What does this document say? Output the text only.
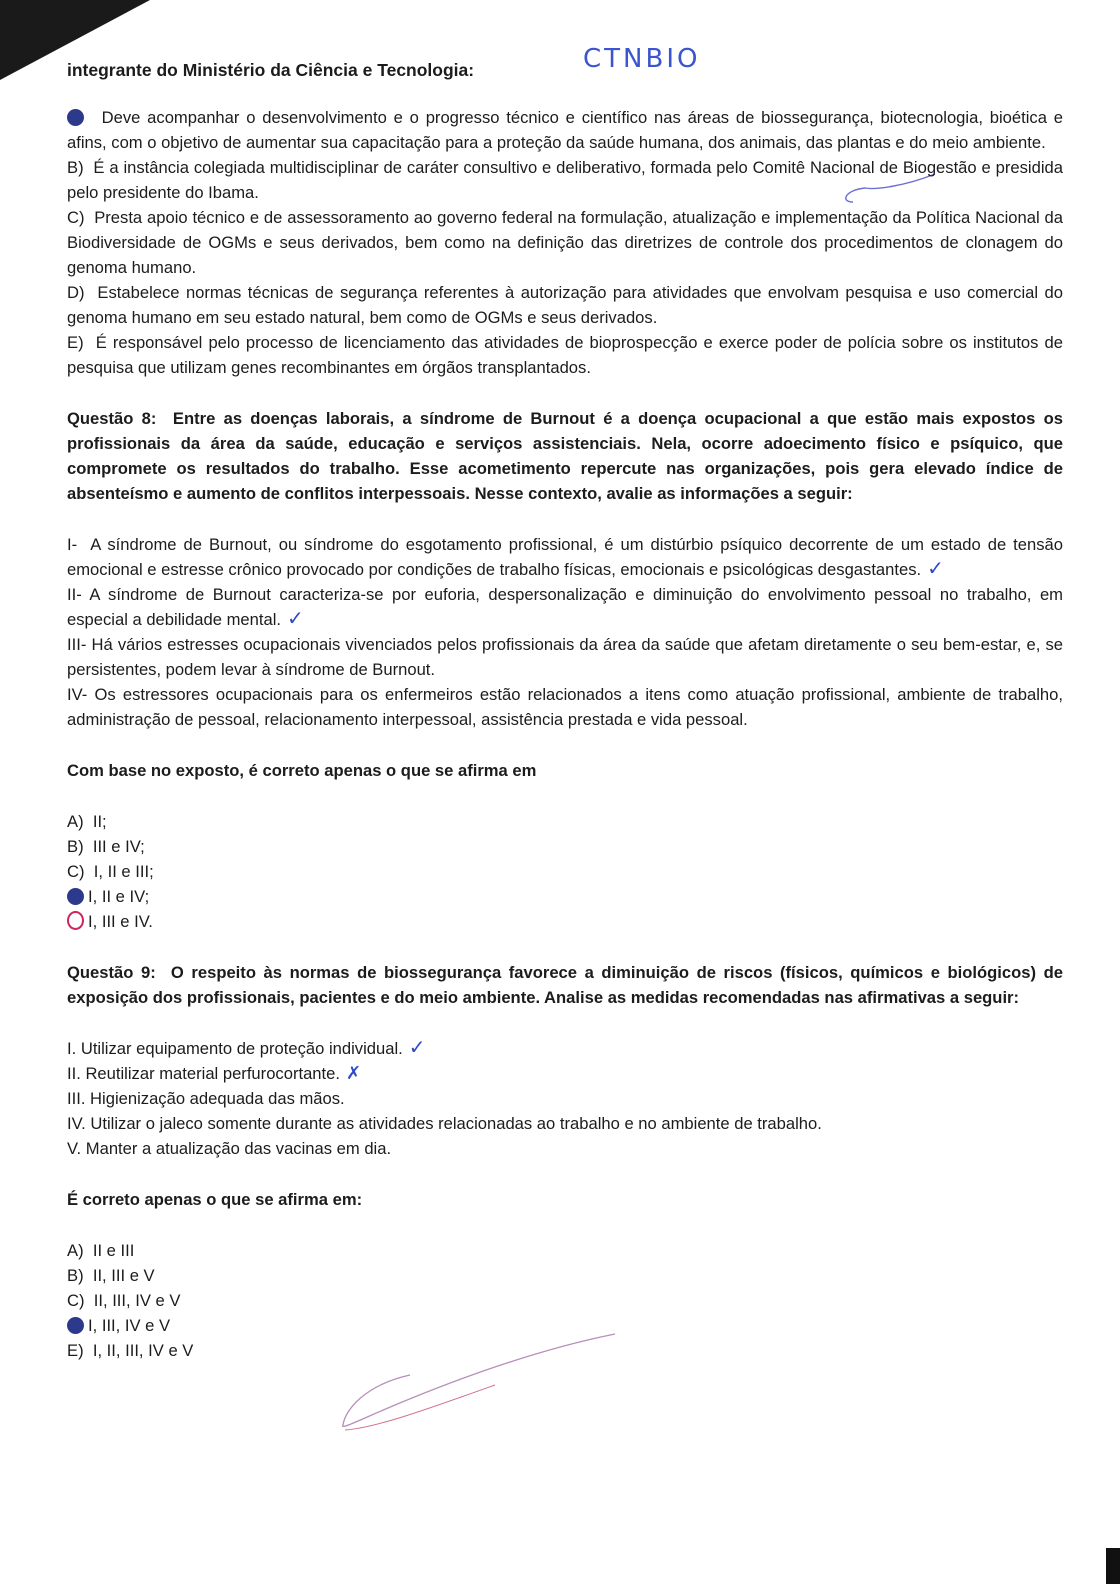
CTNBIO

integrante do Ministério da Ciência e Tecnologia:

Deve acompanhar o desenvolvimento e o progresso técnico e científico nas áreas de biossegurança, biotecnologia, bioética e afins, com o objetivo de aumentar sua capacitação para a proteção da saúde humana, dos animais, das plantas e do meio ambiente.

B) É a instância colegiada multidisciplinar de caráter consultivo e deliberativo, formada pelo Comitê Nacional de Biogestão e presidida pelo presidente do Ibama.

C) Presta apoio técnico e de assessoramento ao governo federal na formulação, atualização e implementação da Política Nacional da Biodiversidade de OGMs e seus derivados, bem como na definição das diretrizes de controle dos procedimentos de clonagem do genoma humano.

D) Estabelece normas técnicas de segurança referentes à autorização para atividades que envolvam pesquisa e uso comercial do genoma humano em seu estado natural, bem como de OGMs e seus derivados.

E) É responsável pelo processo de licenciamento das atividades de bioprospecção e exerce poder de polícia sobre os institutos de pesquisa que utilizam genes recombinantes em órgãos transplantados.

Questão 8: Entre as doenças laborais, a síndrome de Burnout é a doença ocupacional a que estão mais expostos os profissionais da área da saúde, educação e serviços assistenciais. Nela, ocorre adoecimento físico e psíquico, que compromete os resultados do trabalho. Esse acometimento repercute nas organizações, pois gera elevado índice de absenteísmo e aumento de conflitos interpessoais. Nesse contexto, avalie as informações a seguir:

I- A síndrome de Burnout, ou síndrome do esgotamento profissional, é um distúrbio psíquico decorrente de um estado de tensão emocional e estresse crônico provocado por condições de trabalho físicas, emocionais e psicológicas desgastantes. ✓

II- A síndrome de Burnout caracteriza-se por euforia, despersonalização e diminuição do envolvimento pessoal no trabalho, em especial a debilidade mental. ✓

III- Há vários estresses ocupacionais vivenciados pelos profissionais da área da saúde que afetam diretamente o seu bem-estar, e, se persistentes, podem levar à síndrome de Burnout.

IV- Os estressores ocupacionais para os enfermeiros estão relacionados a itens como atuação profissional, ambiente de trabalho, administração de pessoal, relacionamento interpessoal, assistência prestada e vida pessoal.

Com base no exposto, é correto apenas o que se afirma em

A) II;

B) III e IV;

C) I, II e III;

I, II e IV;

I, III e IV.

Questão 9: O respeito às normas de biossegurança favorece a diminuição de riscos (físicos, químicos e biológicos) de exposição dos profissionais, pacientes e do meio ambiente. Analise as medidas recomendadas nas afirmativas a seguir:

I. Utilizar equipamento de proteção individual. ✓

II. Reutilizar material perfurocortante. ✗

III. Higienização adequada das mãos.

IV. Utilizar o jaleco somente durante as atividades relacionadas ao trabalho e no ambiente de trabalho.

V. Manter a atualização das vacinas em dia.

É correto apenas o que se afirma em:

A) II e III

B) II, III e V

C) II, III, IV e V

I, III, IV e V

E) I, II, III, IV e V
